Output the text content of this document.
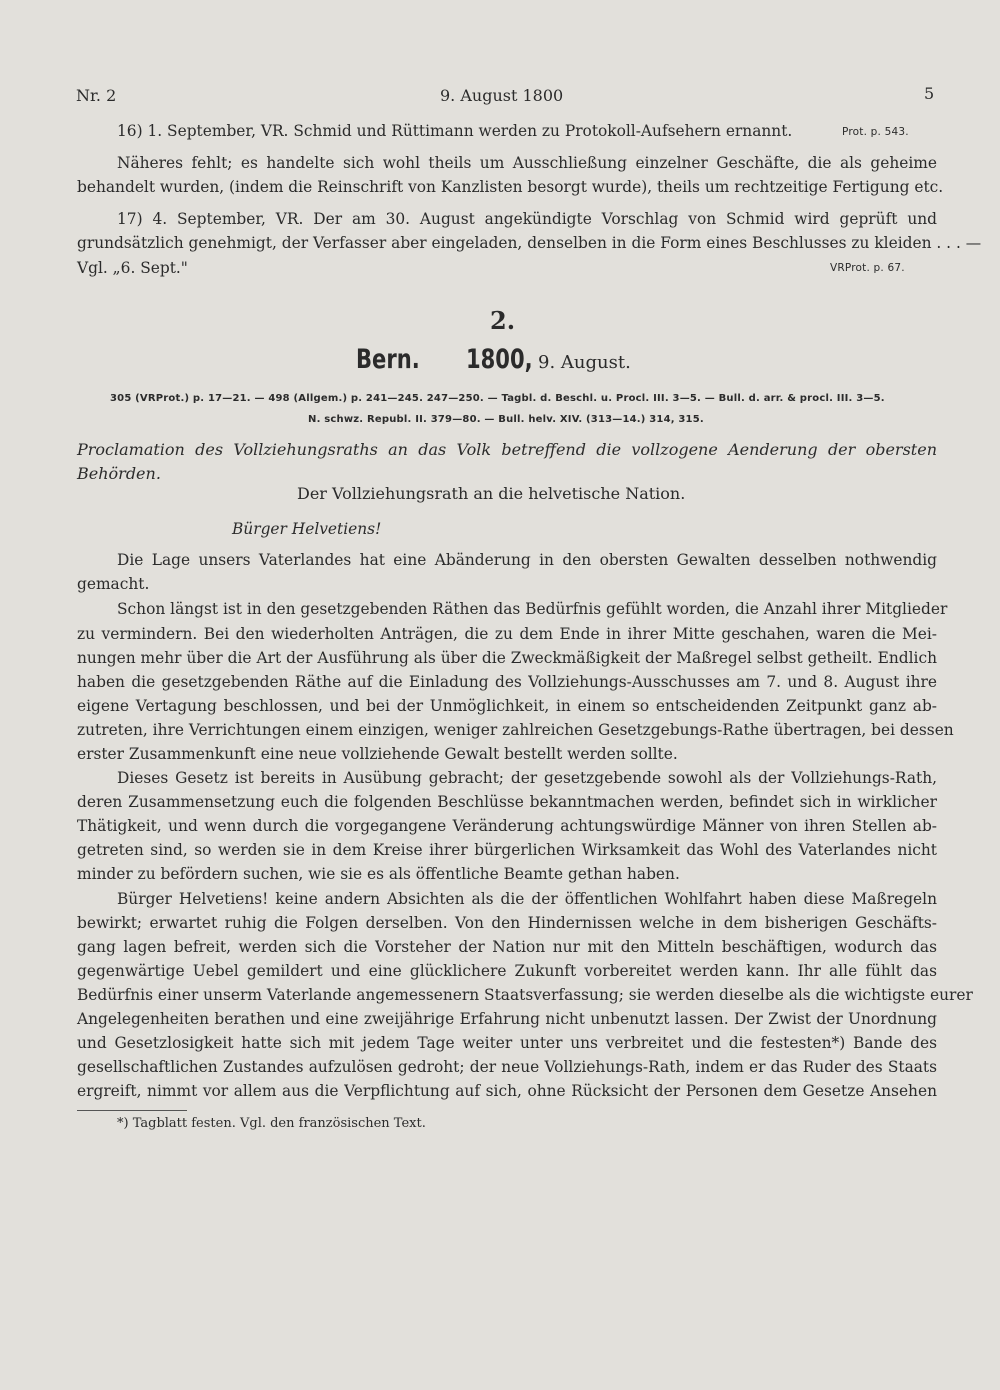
Nr. 2	9. August 1800	5
16) 1. September, VR. Schmid und Rüttimann werden zu Protokoll-Aufsehern ernannt.	Prot. p. 543.
Näheres fehlt; es handelte sich wohl theils um Ausschließung einzelner Geschäfte, die als geheime
behandelt wurden, (indem die Reinschrift von Kanzlisten besorgt wurde), theils um rechtzeitige Fertigung etc.
17) 4. September, VR. Der am 30. August angekündigte Vorschlag von Schmid wird geprüft und
grundsätzlich genehmigt, der Verfasser aber eingeladen, denselben in die Form eines Beschlusses zu kleiden . . . —
Vgl. „6. Sept."	VRProt. p. 67.
2.
Bern. 1800, 9. August.
305 (VRProt.) p. 17—21. — 498 (Allgem.) p. 241—245. 247—250. — Tagbl. d. Beschl. u. Procl. III. 3—5. — Bull. d. arr. & procl. III. 3—5.
N. schwz. Republ. II. 379—80. — Bull. helv. XIV. (313—14.) 314, 315.
Proclamation des Vollziehungsraths an das Volk betreffend die vollzogene Aenderung der obersten
Behörden.
Der Vollziehungsrath an die helvetische Nation.
Bürger Helvetiens!
Die Lage unsers Vaterlandes hat eine Abänderung in den obersten Gewalten desselben nothwendig
gemacht.
Schon längst ist in den gesetzgebenden Räthen das Bedürfnis gefühlt worden, die Anzahl ihrer Mitglieder
zu vermindern. Bei den wiederholten Anträgen, die zu dem Ende in ihrer Mitte geschahen, waren die Mei-
nungen mehr über die Art der Ausführung als über die Zweckmäßigkeit der Maßregel selbst getheilt. Endlich
haben die gesetzgebenden Räthe auf die Einladung des Vollziehungs-Ausschusses am 7. und 8. August ihre
eigene Vertagung beschlossen, und bei der Unmöglichkeit, in einem so entscheidenden Zeitpunkt ganz ab-
zutreten, ihre Verrichtungen einem einzigen, weniger zahlreichen Gesetzgebungs-Rathe übertragen, bei dessen
erster Zusammenkunft eine neue vollziehende Gewalt bestellt werden sollte.
Dieses Gesetz ist bereits in Ausübung gebracht; der gesetzgebende sowohl als der Vollziehungs-Rath,
deren Zusammensetzung euch die folgenden Beschlüsse bekanntmachen werden, befindet sich in wirklicher
Thätigkeit, und wenn durch die vorgegangene Veränderung achtungswürdige Männer von ihren Stellen ab-
getreten sind, so werden sie in dem Kreise ihrer bürgerlichen Wirksamkeit das Wohl des Vaterlandes nicht
minder zu befördern suchen, wie sie es als öffentliche Beamte gethan haben.
Bürger Helvetiens! keine andern Absichten als die der öffentlichen Wohlfahrt haben diese Maßregeln
bewirkt; erwartet ruhig die Folgen derselben. Von den Hindernissen welche in dem bisherigen Geschäfts-
gang lagen befreit, werden sich die Vorsteher der Nation nur mit den Mitteln beschäftigen, wodurch das
gegenwärtige Uebel gemildert und eine glücklichere Zukunft vorbereitet werden kann. Ihr alle fühlt das
Bedürfnis einer unserm Vaterlande angemessenern Staatsverfassung; sie werden dieselbe als die wichtigste eurer
Angelegenheiten berathen und eine zweijährige Erfahrung nicht unbenutzt lassen. Der Zwist der Unordnung
und Gesetzlosigkeit hatte sich mit jedem Tage weiter unter uns verbreitet und die festesten*) Bande des
gesellschaftlichen Zustandes aufzulösen gedroht; der neue Vollziehungs-Rath, indem er das Ruder des Staats
ergreift, nimmt vor allem aus die Verpflichtung auf sich, ohne Rücksicht der Personen dem Gesetze Ansehen
*) Tagblatt festen. Vgl. den französischen Text.
